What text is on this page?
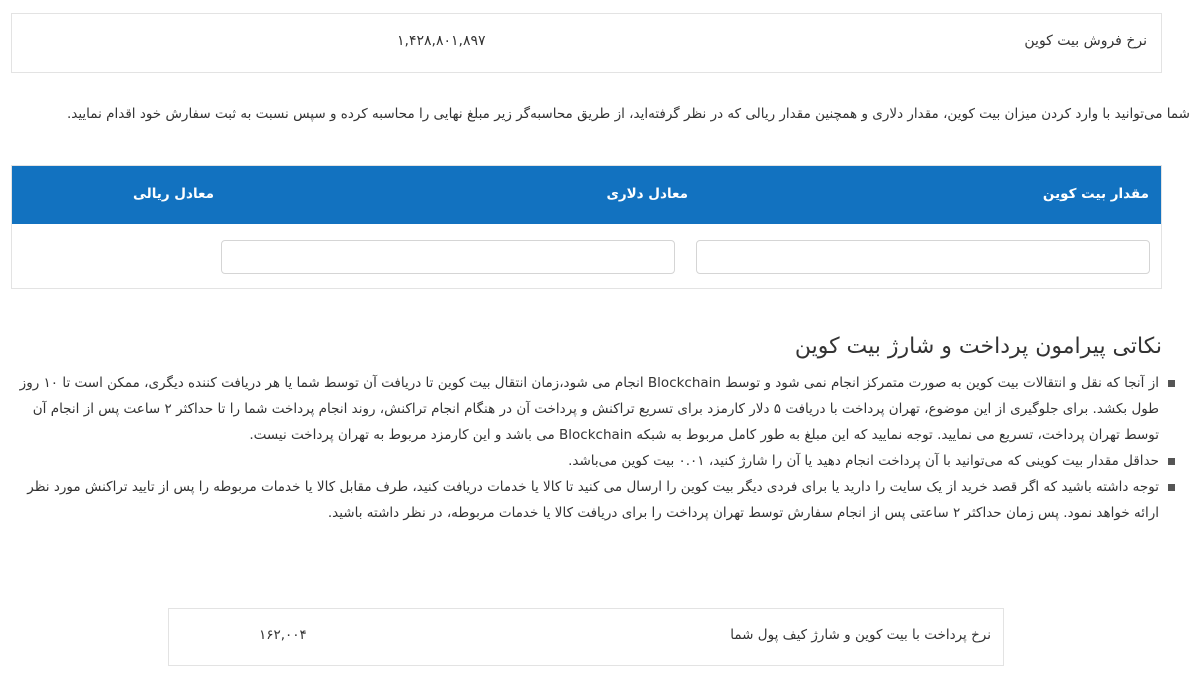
نرخ فروش بیت کوین
۱,۴۲۸,۸۰۱,۸۹۷

شما می‌توانید با وارد کردن میزان بیت کوین، مقدار دلاری و همچنین مقدار ریالی که در نظر گرفته‌اید، از طریق محاسبه‌گر زیر مبلغ نهایی را محاسبه کرده و سپس نسبت به ثبت سفارش خود اقدام نمایید.

مقدار بیت کوین
معادل دلاری
معادل ریالی
نکاتی پیرامون پرداخت و شارژ بیت کوین
از آنجا که نقل و انتقالات بیت کوین به صورت متمرکز انجام نمی شود و توسط Blockchain انجام می شود،زمان انتقال بیت کوین تا دریافت آن توسط شما یا هر دریافت کننده دیگری، ممکن است تا ۱۰ روز طول بکشد. برای جلوگیری از این موضوع، تهران پرداخت با دریافت ۵ دلار کارمزد برای تسریع تراکنش و پرداخت آن در هنگام انجام تراکنش، روند انجام پرداخت شما را تا حداکثر ۲ ساعت پس از انجام آن توسط تهران پرداخت، تسریع می نمایید. توجه نمایید که این مبلغ به طور کامل مربوط به شبکه Blockchain می باشد و این کارمزد مربوط به تهران پرداخت نیست.
حداقل مقدار بیت کوینی که می‌توانید با آن پرداخت انجام دهید یا آن را شارژ کنید، ۰.۰۱ بیت کوین می‌باشد.
توجه داشته باشید که اگر قصد خرید از یک سایت را دارید یا برای فردی دیگر بیت کوین را ارسال می کنید تا کالا یا خدمات دریافت کنید، طرف مقابل کالا یا خدمات مربوطه را پس از تایید تراکنش مورد نظر ارائه خواهد نمود. پس زمان حداکثر ۲ ساعتی پس از انجام سفارش توسط تهران پرداخت را برای دریافت کالا یا خدمات مربوطه، در نظر داشته باشید.
نرخ پرداخت با بیت کوین و شارژ کیف پول شما
۱۶۲,۰۰۴
